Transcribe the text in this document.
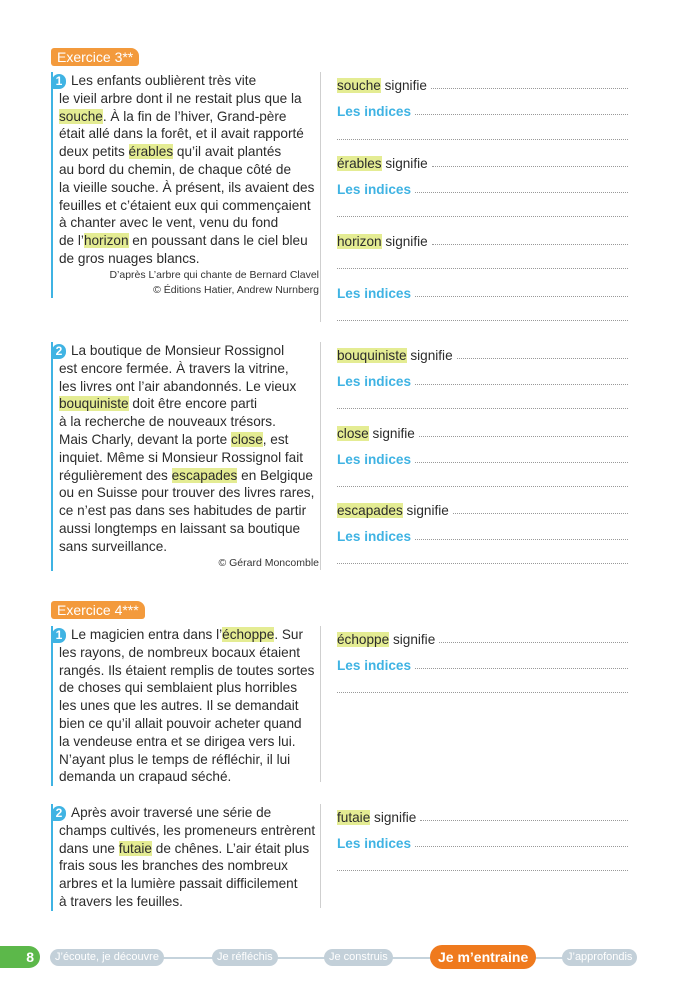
Exercice 3**
1 Les enfants oublièrent très vite
le vieil arbre dont il ne restait plus que la
souche. À la fin de l’hiver, Grand-père
était allé dans la forêt, et il avait rapporté
deux petits érables qu’il avait plantés
au bord du chemin, de chaque côté de
la vieille souche. À présent, ils avaient des
feuilles et c’étaient eux qui commençaient
à chanter avec le vent, venu du fond
de l’horizon en poussant dans le ciel bleu
de gros nuages blancs.
D’après L’arbre qui chante de Bernard Clavel
© Éditions Hatier, Andrew Nurnberg
souche
signifie
Les indices
érables
signifie
Les indices
horizon
signifie
Les indices
2 La boutique de Monsieur Rossignol
est encore fermée. À travers la vitrine,
les livres ont l’air abandonnés. Le vieux
bouquiniste doit être encore parti
à la recherche de nouveaux trésors.
Mais Charly, devant la porte close, est
inquiet. Même si Monsieur Rossignol fait
régulièrement des escapades en Belgique
ou en Suisse pour trouver des livres rares,
ce n’est pas dans ses habitudes de partir
aussi longtemps en laissant sa boutique
sans surveillance.
© Gérard Moncomble
bouquiniste
signifie
Les indices
close
signifie
Les indices
escapades
signifie
Les indices
Exercice 4***
1 Le magicien entra dans l’échoppe. Sur
les rayons, de nombreux bocaux étaient
rangés. Ils étaient remplis de toutes sortes
de choses qui semblaient plus horribles
les unes que les autres. Il se demandait
bien ce qu’il allait pouvoir acheter quand
la vendeuse entra et se dirigea vers lui.
N’ayant plus le temps de réfléchir, il lui
demanda un crapaud séché.
échoppe
signifie
Les indices
2 Après avoir traversé une série de
champs cultivés, les promeneurs entrèrent
dans une futaie de chênes. L’air était plus
frais sous les branches des nombreux
arbres et la lumière passait difficilement
à travers les feuilles.
futaie
signifie
Les indices
8	J’écoute, je découvre	Je réfléchis	Je construis	Je m’entraine	J’approfondis
